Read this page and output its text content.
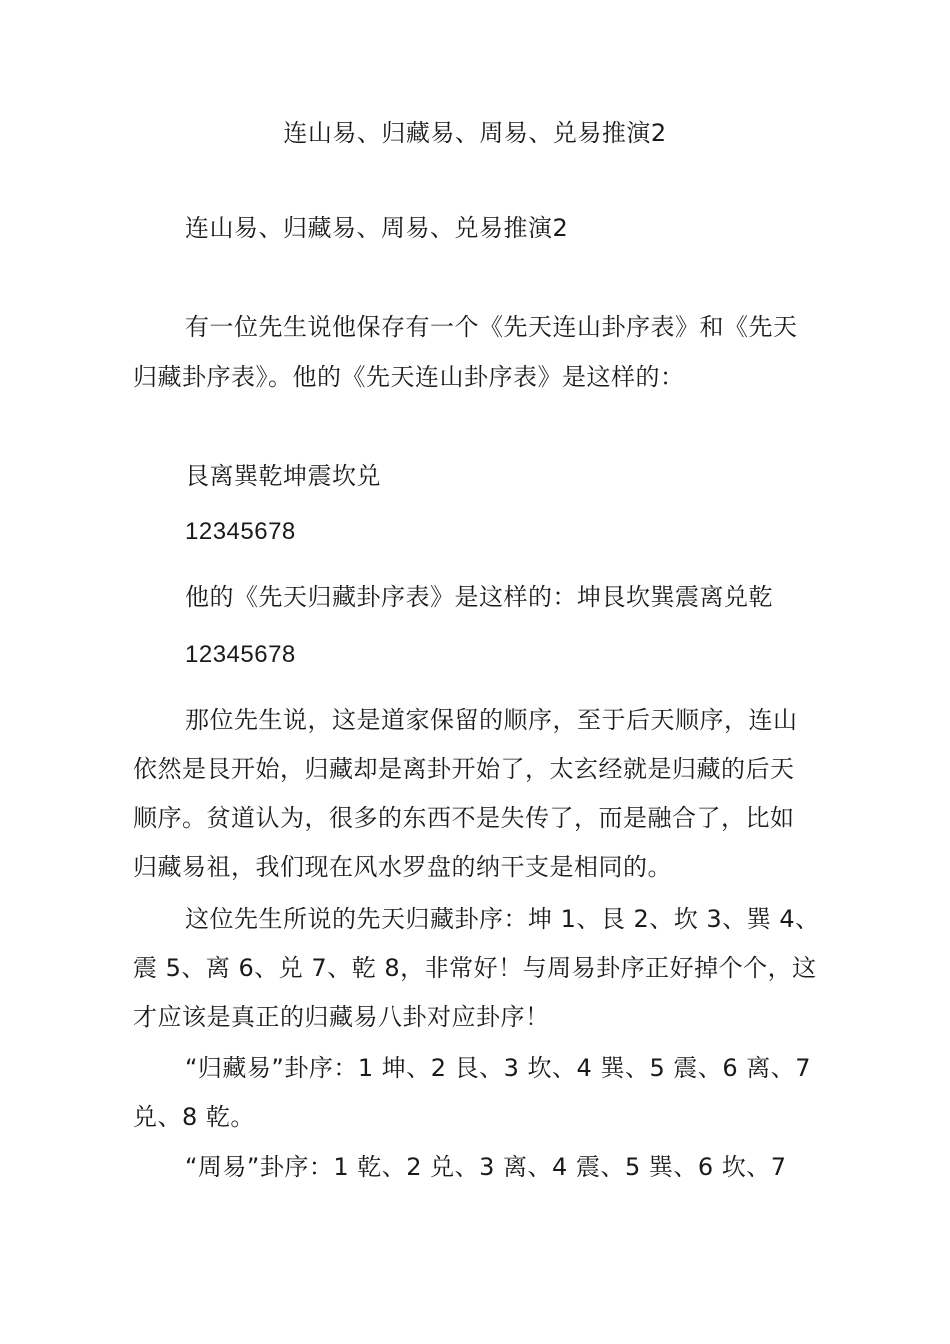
连山易、归藏易、周易、兑易推演2
连山易、归藏易、周易、兑易推演2
有一位先生说他保存有一个《先天连山卦序表》和《先天
归藏卦序表》。他的《先天连山卦序表》是这样的：
艮离巽乾坤震坎兑
12345678
他的《先天归藏卦序表》是这样的：坤艮坎巽震离兑乾
12345678
那位先生说，这是道家保留的顺序，至于后天顺序，连山
依然是艮开始，归藏却是离卦开始了，太玄经就是归藏的后天
顺序。贫道认为，很多的东西不是失传了，而是融合了，比如
归藏易祖，我们现在风水罗盘的纳干支是相同的。
这位先生所说的先天归藏卦序：坤 1、艮 2、坎 3、巽 4、
震 5、离 6、兑 7、乾 8，非常好！与周易卦序正好掉个个，这
才应该是真正的归藏易八卦对应卦序！
“归藏易”卦序：1 坤、2 艮、3 坎、4 巽、5 震、6 离、7
兑、8 乾。
“周易”卦序：1 乾、2 兑、3 离、4 震、5 巽、6 坎、7
